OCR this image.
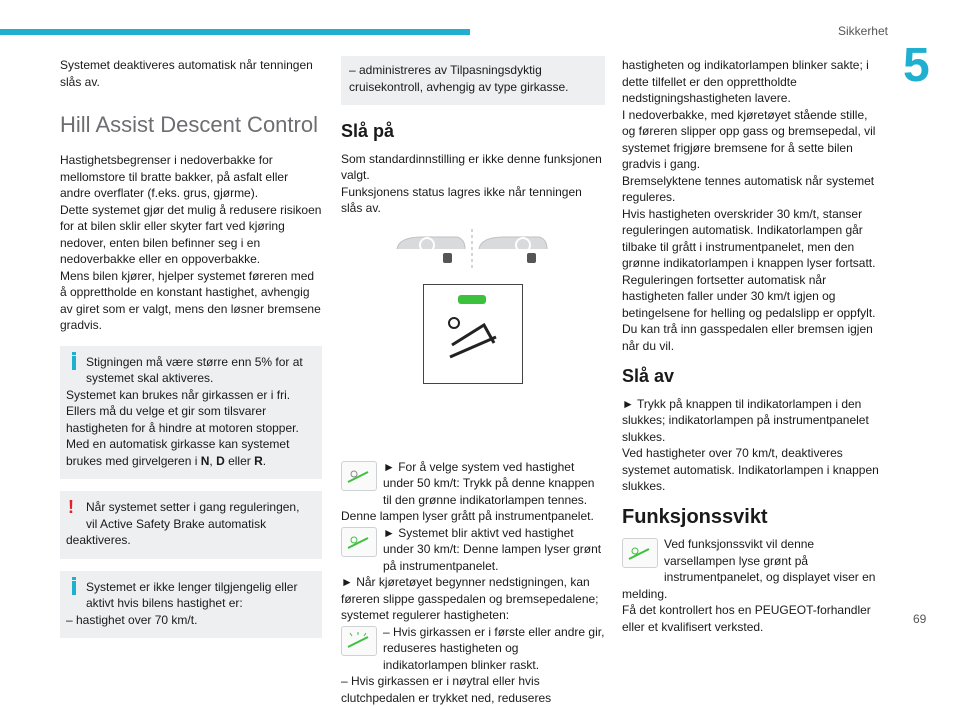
Sikkerhet
5
69

Systemet deaktiveres automatisk når tenningen slås av.

Hill Assist Descent Control

Hastighetsbegrenser i nedoverbakke for mellomstore til bratte bakker, på asfalt eller andre overflater (f.eks. grus, gjørme).
Dette systemet gjør det mulig å redusere risikoen for at bilen sklir eller skyter fart ved kjøring nedover, enten bilen befinner seg i en nedoverbakke eller en oppoverbakke.
Mens bilen kjører, hjelper systemet føreren med å opprettholde en konstant hastighet, avhengig av giret som er valgt, mens den løsner bremsene gradvis.

Stigningen må være større enn 5% for at systemet skal aktiveres.

Systemet kan brukes når girkassen er i fri.
Ellers må du velge et gir som tilsvarer hastigheten for å hindre at motoren stopper.
Med en automatisk girkasse kan systemet brukes med girvelgeren i N, D eller R.

!	Når systemet setter i gang reguleringen, vil Active Safety Brake automatisk

deaktiveres.

Systemet er ikke lenger tilgjengelig eller aktivt hvis bilens hastighet er:

– hastighet over 70 km/t.

– administreres av Tilpasningsdyktig cruisekontroll, avhengig av type girkasse.

Slå på

Som standardinnstilling er ikke denne funksjonen valgt.
Funksjonens status lagres ikke når tenningen slås av.

► For å velge system ved hastighet under 50 km/t: Trykk på denne knappen til den grønne indikatorlampen tennes. Denne lampen lyser grått på instrumentpanelet.

► Systemet blir aktivt ved hastighet under 30 km/t: Denne lampen lyser grønt på instrumentpanelet.

► Når kjøretøyet begynner nedstigningen, kan føreren slippe gasspedalen og bremsepedalene; systemet regulerer hastigheten:

– Hvis girkassen er i første eller andre gir, reduseres hastigheten og indikatorlampen blinker raskt.

– Hvis girkassen er i nøytral eller hvis clutchpedalen er trykket ned, reduseres

hastigheten og indikatorlampen blinker sakte; i dette tilfellet er den opprettholdte nedstigningshastigheten lavere.
I nedoverbakke, med kjøretøyet stående stille, og føreren slipper opp gass og bremsepedal, vil systemet frigjøre bremsene for å sette bilen gradvis i gang.
Bremselyktene tennes automatisk når systemet reguleres.
Hvis hastigheten overskrider 30 km/t, stanser reguleringen automatisk. Indikatorlampen går tilbake til grått i instrumentpanelet, men den grønne indikatorlampen i knappen lyser fortsatt.
Reguleringen fortsetter automatisk når hastigheten faller under 30 km/t igjen og betingelsene for helling og pedalslipp er oppfylt.
Du kan trå inn gasspedalen eller bremsen igjen når du vil.

Slå av

► Trykk på knappen til indikatorlampen i den slukkes; indikatorlampen på instrumentpanelet slukkes.
Ved hastigheter over 70 km/t, deaktiveres systemet automatisk. Indikatorlampen i knappen slukkes.

Funksjonssvikt

Ved funksjonssvikt vil denne varsellampen lyse grønt på instrumentpanelet, og displayet viser en melding.
Få det kontrollert hos en PEUGEOT-forhandler eller et kvalifisert verksted.
